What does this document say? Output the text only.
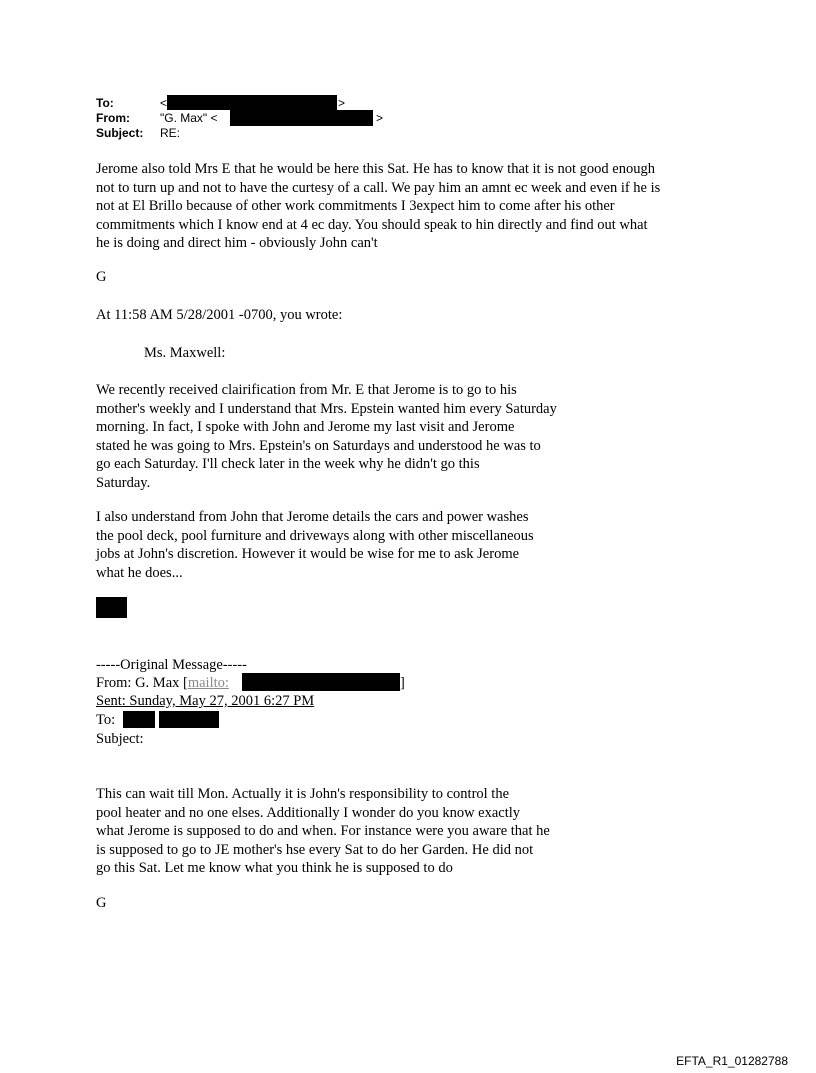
To:	<	>
From:	"G. Max" <	>
Subject: RE:
Jerome also told Mrs E that he would be here this Sat. He has to know that it is not good enough
not to turn up and not to have the curtesy of a call. We pay him an amnt ec week and even if he is
not at El Brillo because of other work commitments I 3expect him to come after his other
commitments which I know end at 4 ec day. You should speak to hin directly and find out what
he is doing and direct him - obviously John can't
G
At 11:58 AM 5/28/2001 -0700, you wrote:
Ms. Maxwell:
We recently received clairification from Mr. E that Jerome is to go to his
mother's weekly and I understand that Mrs. Epstein wanted him every Saturday
morning. In fact, I spoke with John and Jerome my last visit and Jerome
stated he was going to Mrs. Epstein's on Saturdays and understood he was to
go each Saturday. I'll check later in the week why he didn't go this
Saturday.
I also understand from John that Jerome details the cars and power washes
the pool deck, pool furniture and driveways along with other miscellaneous
jobs at John's discretion. However it would be wise for me to ask Jerome
what he does...
-----Original Message-----
From: G. Max [mailto:	]
Sent: Sunday, May 27, 2001 6:27 PM
To:
Subject:
This can wait till Mon. Actually it is John's responsibility to control the
pool heater and no one elses. Additionally I wonder do you know exactly
what Jerome is supposed to do and when. For instance were you aware that he
is supposed to go to JE mother's hse every Sat to do her Garden. He did not
go this Sat. Let me know what you think he is supposed to do
G
EFTA_R1_01282788
